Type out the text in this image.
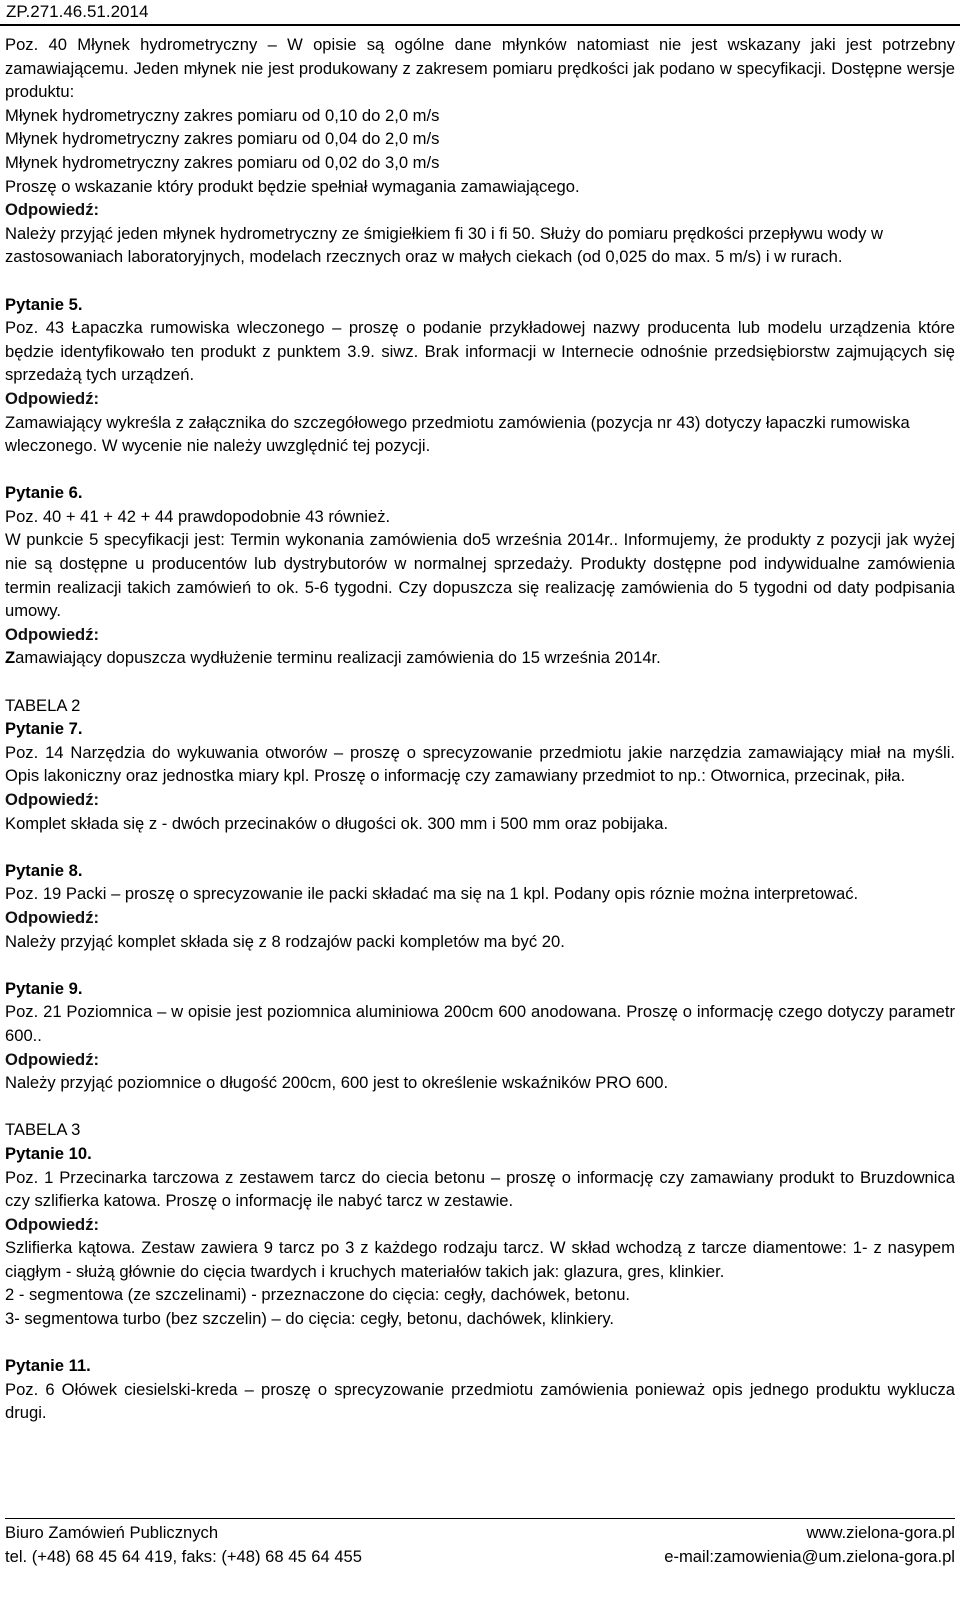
ZP.271.46.51.2014

Poz. 40 Młynek hydrometryczny – W opisie są ogólne dane młynków natomiast nie jest wskazany jaki jest potrzebny zamawiającemu. Jeden młynek nie jest produkowany z zakresem pomiaru prędkości jak podano w specyfikacji. Dostępne wersje produktu:

Młynek hydrometryczny zakres pomiaru od 0,10 do 2,0 m/s

Młynek hydrometryczny zakres pomiaru od 0,04 do 2,0 m/s

Młynek hydrometryczny zakres pomiaru od 0,02 do 3,0 m/s

Proszę o wskazanie który produkt będzie spełniał wymagania zamawiającego.

Odpowiedź:

Należy przyjąć jeden młynek hydrometryczny ze śmigiełkiem fi 30 i fi 50. Służy do pomiaru prędkości przepływu wody w zastosowaniach laboratoryjnych, modelach rzecznych oraz w małych ciekach (od 0,025 do max. 5 m/s) i w rurach.

Pytanie 5.

Poz. 43 Łapaczka rumowiska wleczonego – proszę o podanie przykładowej nazwy producenta lub modelu urządzenia które będzie identyfikowało ten produkt z punktem 3.9. siwz. Brak informacji w Internecie odnośnie przedsiębiorstw zajmujących się sprzedażą tych urządzeń.

Odpowiedź:

Zamawiający wykreśla z załącznika do szczegółowego przedmiotu zamówienia (pozycja nr 43) dotyczy łapaczki rumowiska wleczonego. W wycenie nie należy uwzględnić tej pozycji.

Pytanie 6.

Poz. 40 + 41 + 42 + 44 prawdopodobnie 43 również.

W punkcie 5 specyfikacji jest: Termin wykonania zamówienia do5 września 2014r.. Informujemy, że produkty z pozycji jak wyżej nie są dostępne u producentów lub dystrybutorów w normalnej sprzedaży. Produkty dostępne pod indywidualne zamówienia termin realizacji takich zamówień to ok. 5-6 tygodni. Czy dopuszcza się realizację zamówienia do 5 tygodni od daty podpisania umowy.

Odpowiedź:

Zamawiający dopuszcza wydłużenie terminu realizacji zamówienia do 15 września 2014r.

TABELA 2

Pytanie 7.

Poz. 14 Narzędzia do wykuwania otworów – proszę o sprecyzowanie przedmiotu jakie narzędzia zamawiający miał na myśli. Opis lakoniczny oraz jednostka miary kpl. Proszę o informację czy zamawiany przedmiot to np.: Otwornica, przecinak, piła.

Odpowiedź:

Komplet składa się z - dwóch przecinaków o długości ok. 300 mm i 500 mm oraz pobijaka.

Pytanie 8.

Poz. 19 Packi – proszę o sprecyzowanie ile packi składać ma się na 1 kpl. Podany opis róznie można interpretować.

Odpowiedź:

Należy przyjąć komplet składa się z 8 rodzajów packi kompletów ma być 20.

Pytanie 9.

Poz. 21 Poziomnica – w opisie jest poziomnica aluminiowa 200cm 600 anodowana. Proszę o informację czego dotyczy parametr 600..

Odpowiedź:

Należy przyjąć poziomnice o długość 200cm, 600 jest to określenie wskaźników PRO 600.

TABELA 3

Pytanie 10.

Poz. 1 Przecinarka tarczowa z zestawem tarcz do ciecia betonu – proszę o informację czy zamawiany produkt to Bruzdownica czy szlifierka katowa. Proszę o informację ile nabyć tarcz w zestawie.

Odpowiedź:

Szlifierka kątowa. Zestaw zawiera 9 tarcz po 3 z każdego rodzaju tarcz. W skład wchodzą z tarcze diamentowe: 1- z nasypem ciągłym - służą głównie do cięcia twardych i kruchych materiałów takich jak: glazura, gres, klinkier.

2 - segmentowa (ze szczelinami) - przeznaczone do cięcia: cegły, dachówek, betonu.

3- segmentowa turbo (bez szczelin) – do cięcia: cegły, betonu, dachówek, klinkiery.

Pytanie 11.

Poz. 6 Ołówek ciesielski-kreda – proszę o sprecyzowanie przedmiotu zamówienia ponieważ opis jednego produktu wyklucza drugi.

Biuro Zamówień Publicznych	www.zielona-gora.pl
tel. (+48) 68 45 64 419, faks: (+48) 68 45 64 455	e-mail:zamowienia@um.zielona-gora.pl
